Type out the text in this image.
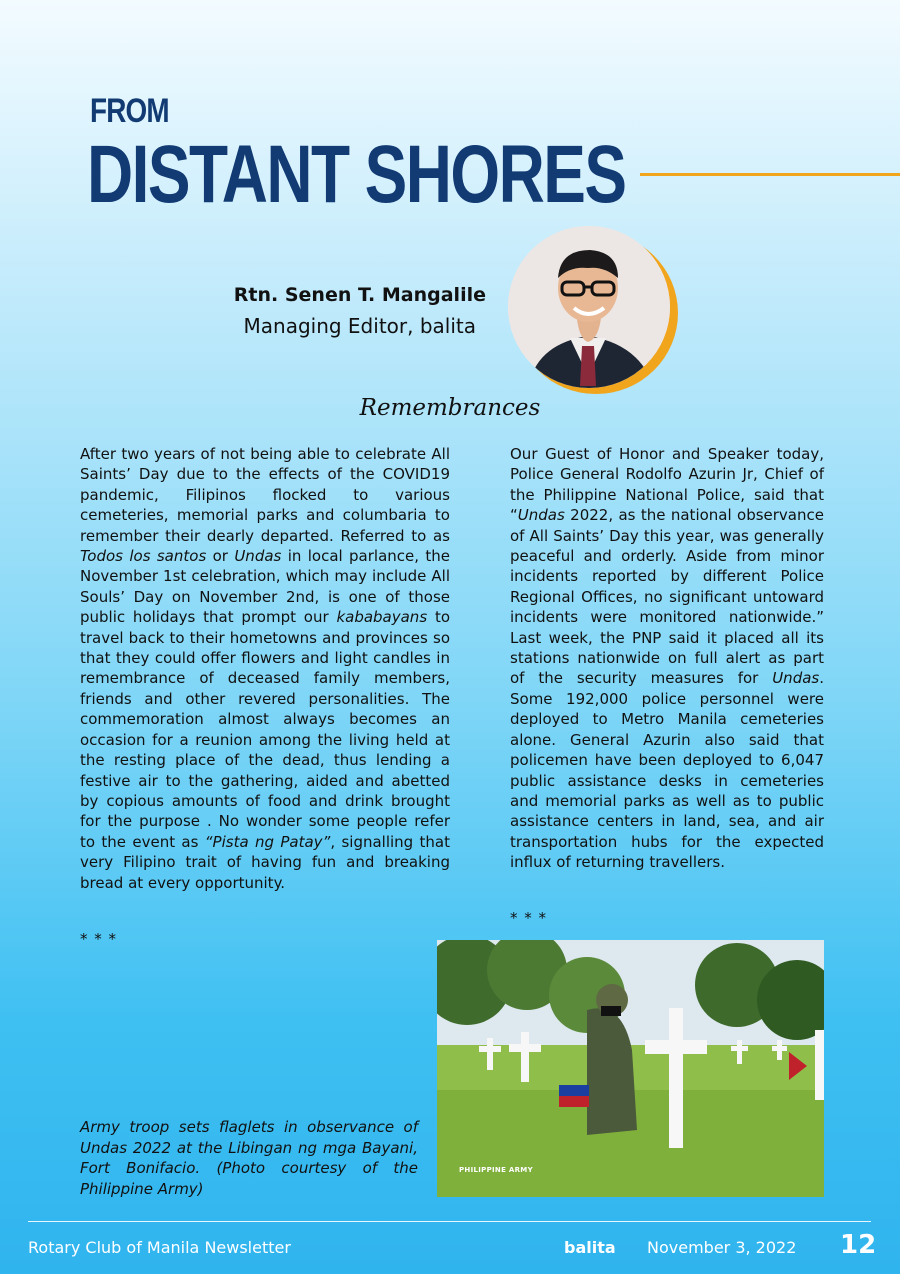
FROM
DISTANT SHORES
Rtn. Senen T. Mangalile
Managing Editor, balita
Remembrances

After two years of not being able to celebrate All Saints’ Day due to the effects of the COVID19 pandemic, Filipinos flocked to various cemeteries, memorial parks and columbaria to remember their dearly departed. Referred to as Todos los santos or Undas in local parlance, the November 1st celebration, which may include All Souls’ Day on November 2nd, is one of those public holidays that prompt our kababayans to travel back to their hometowns and provinces so that they could offer flowers and light candles in remembrance of deceased family members, friends and other revered personalities. The commemoration almost always becomes an occasion for a reunion among the living held at the resting place of the dead, thus lending a festive air to the gathering, aided and abetted by copious amounts of food and drink brought for the purpose . No wonder some people refer to the event as “Pista ng Patay”, signalling that very Filipino trait of having fun and breaking bread at every opportunity.

* * *

Our Guest of Honor and Speaker today, Police General Rodolfo Azurin Jr, Chief of the Philippine National Police, said that “Undas 2022, as the national observance of All Saints’ Day this year, was generally peaceful and orderly. Aside from minor incidents reported by different Police Regional Offices, no significant untoward incidents were monitored nationwide.” Last week, the PNP said it placed all its stations nationwide on full alert as part of the security measures for Undas. Some 192,000 police personnel were deployed to Metro Manila cemeteries alone. General Azurin also said that policemen have been deployed to 6,047 public assistance desks in cemeteries and memorial parks as well as to public assistance centers in land, sea, and air transportation hubs for the expected influx of returning travellers.

* * *
PHILIPPINE ARMY
Army troop sets flaglets in observance of Undas 2022 at the Libingan ng mga Bayani, Fort Bonifacio. (Photo courtesy of the Philippine Army)
Rotary Club of Manila Newsletter	balita November 3, 2022 12
